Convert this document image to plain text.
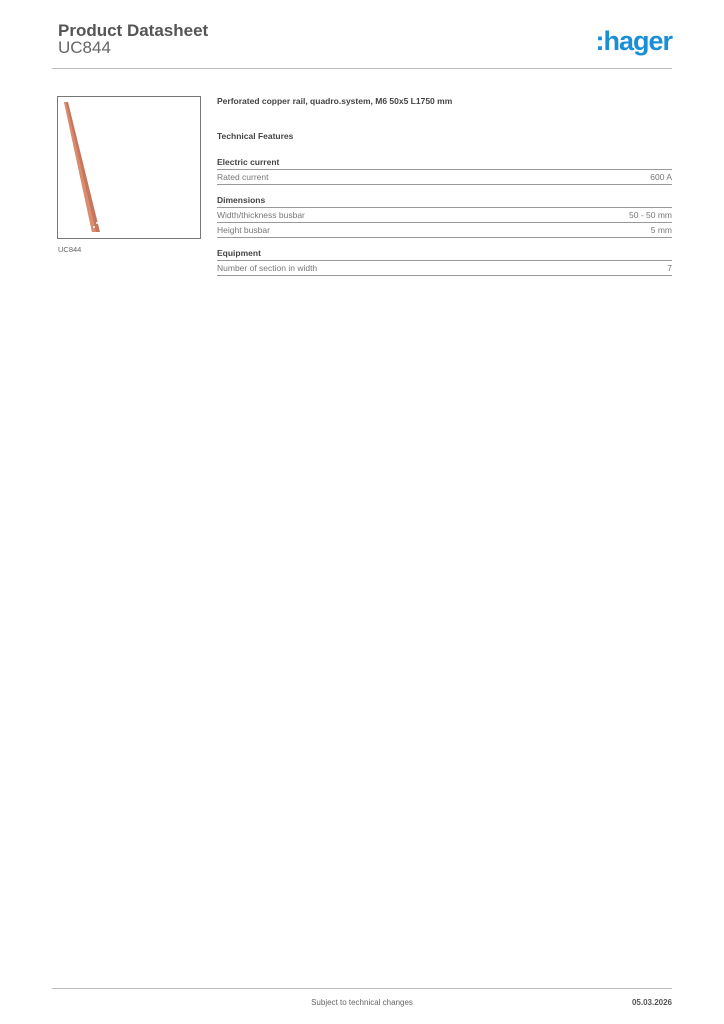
Product Datasheet
UC844	:hager
UC844
Perforated copper rail, quadro.system, M6 50x5 L1750 mm
Technical Features
Electric current
Rated current	600 A
Dimensions
Width/thickness busbar	50 - 50 mm
Height busbar	5 mm
Equipment
Number of section in width	7
Subject to technical changes	05.03.2026
